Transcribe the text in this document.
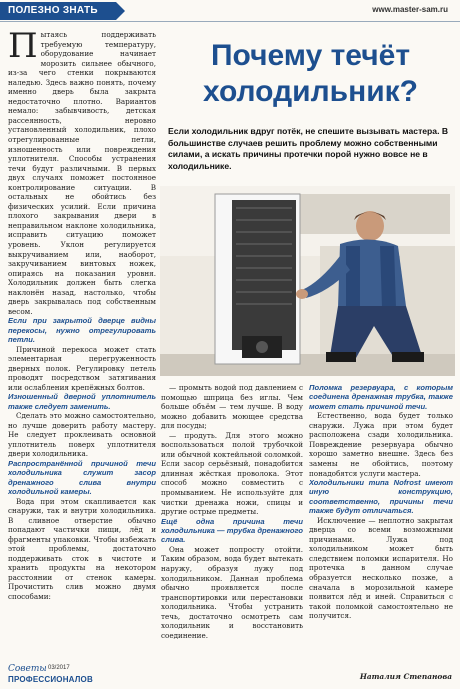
ПОЛЕЗНО ЗНАТЬ	www.master-sam.ru
П ытаясь поддерживать требуемую температуру, оборудование начинает морозить сильнее обычного, из-за чего стенки покрываются наледью. Здесь важно понять, почему именно дверь была закрыта недостаточно плотно. Вариантов немало: забывчивость, детская рассеянность, неровно установленный холодильник, плохо отрегулированные петли, изношенность или повреждения уплотнителя. Способы устранения течи будут различными. В первых двух случаях поможет постоянное контролирование ситуации. В остальных не обойтись без физических усилий. Если причина плохого закрывания двери в неправильном наклоне холодильника, исправить ситуацию поможет уровень. Уклон регулируется выкручиванием или, наоборот, закручиванием винтовых ножек, опираясь на показания уровня. Холодильник должен быть слегка наклонён назад, настолько, чтобы дверь закрывалась под собственным весом.

Если при закрытой дверце видны перекосы, нужно отрегулировать петли.

Причиной перекоса может стать элементарная перегруженность дверных полок. Регулировку петель проводят посредством затягивания или ослабления крепёжных болтов.

Изношенный дверной уплотнитель также следует заменить.

Сделать это можно самостоятельно, но лучше доверить работу мастеру. Не следует проклеивать основной уплотнитель поверх уплотнителя двери холодильника.

Распространённой причиной течи холодильника служит засор дренажного слива внутри холодильной камеры.

Вода при этом скапливается как снаружи, так и внутри холодильника. В сливное отверстие обычно попадают частички пищи, лёд и фрагменты упаковки. Чтобы избежать этой проблемы, достаточно поддерживать сток в чистоте и хранить продукты на некотором расстоянии от стенок камеры. Прочистить слив можно двумя способами:

Почему течёт холодильник?
Если холодильник вдруг потёк, не спешите вызывать мастера. В большинстве случаев решить проблему можно собственными силами, а искать причины протечки порой нужно вовсе не в холодильнике.

— промыть водой под давлением с помощью шприца без иглы. Чем больше объём — тем лучше. В воду можно добавить моющее средства для посуды;

— продуть. Для этого можно воспользоваться полой трубочкой или обычной коктейльной соломкой. Если засор серьёзный, понадобится длинная жёсткая проволока. Этот способ можно совместить с промыванием. Не используйте для чистки дренажа ножи, спицы и другие острые предметы.

Ещё одна причина течи холодильника — трубка дренажного слива.

Она может попросту отойти. Таким образом, вода будет вытекать наружу, образуя лужу под холодильником. Данная проблема обычно проявляется после транспортировки или перестановки холодильника. Чтобы устранить течь, достаточно осмотреть сам холодильник и восстановить соединение.

Поломка резервуара, с которым соединена дренажная трубка, также может стать причиной течи.

Естественно, вода будет только снаружи. Лужа при этом будет расположена сзади холодильника. Повреждение резервуара обычно хорошо заметно внешне. Здесь без замены не обойтись, поэтому понадобятся услуги мастера.

Холодильники типа Nofrost имеют иную конструкцию, соответственно, причины течи также будут отличаться.

Исключение — неплотно закрытая дверца со всеми возможными причинами. Лужа под холодильником может быть следствием поломки испарителя. Но протечка в данном случае образуется несколько позже, а сначала в морозильной камере появится лёд и иней. Справиться с такой поломкой самостоятельно не получится.

Советы 03/2017
ПРОФЕССИОНАЛОВ	Наталия Степанова
